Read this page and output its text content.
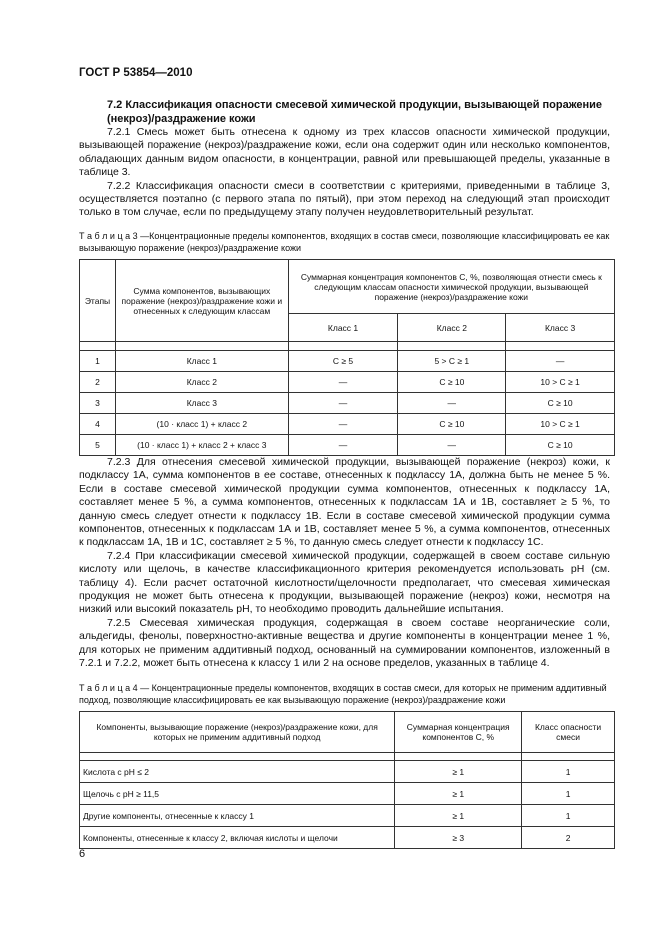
ГОСТ Р 53854—2010
7.2 Классификация опасности смесевой химической продукции, вызывающей поражение (некроз)/раздражение кожи
7.2.1 Смесь может быть отнесена к одному из трех классов опасности химической продукции, вызывающей поражение (некроз)/раздражение кожи, если она содержит один или несколько компонентов, обладающих данным видом опасности, в концентрации, равной или превышающей пределы, указанные в таблице 3.
7.2.2 Классификация опасности смеси в соответствии с критериями, приведенными в таблице 3, осуществляется поэтапно (с первого этапа по пятый), при этом переход на следующий этап происходит только в том случае, если по предыдущему этапу получен неудовлетворительный результат.
Т а б л и ц а 3 —Концентрационные пределы компонентов, входящих в состав смеси, позволяющие классифицировать ее как вызывающую поражение (некроз)/раздражение кожи
Этапы	Сумма компонентов, вызывающих поражение (некроз)/раздражение кожи и отнесенных к следующим классам	Суммарная концентрация компонентов C, %, позволяющая отнести смесь к следующим классам опасности химической продукции, вызывающей поражение (некроз)/раздражение кожи		
		Класс 1	Класс 2	Класс 3

1	Класс 1	C ≥ 5	5 > C ≥ 1	—
2	Класс 2	—	C ≥ 10	10 > C ≥ 1
3	Класс 3	—	—	C ≥ 10
4	(10 · класс 1) + класс 2	—	C ≥ 10	10 > C ≥ 1
5	(10 · класс 1) + класс 2 + класс 3	—	—	C ≥ 10
7.2.3 Для отнесения смесевой химической продукции, вызывающей поражение (некроз) кожи, к подклассу 1А, сумма компонентов в ее составе, отнесенных к подклассу 1А, должна быть не менее 5 %. Если в составе смесевой химической продукции сумма компонентов, отнесенных к подклассу 1А, составляет менее 5 %, а сумма компонентов, отнесенных к подклассам 1А и 1В, составляет ≥ 5 %, то данную смесь следует отнести к подклассу 1В. Если в составе смесевой химической продукции сумма компонентов, отнесенных к подклассам 1А и 1В, составляет менее 5 %, а сумма компонентов, отнесенных к подклассам 1А, 1В и 1С, составляет ≥ 5 %, то данную смесь следует отнести к подклассу 1С.
7.2.4 При классификации смесевой химической продукции, содержащей в своем составе сильную кислоту или щелочь, в качестве классификационного критерия рекомендуется использовать pH (см. таблицу 4). Если расчет остаточной кислотности/щелочности предполагает, что смесевая химическая продукция не может быть отнесена к продукции, вызывающей поражение (некроз) кожи, несмотря на низкий или высокий показатель pH, то необходимо проводить дальнейшие испытания.
7.2.5 Смесевая химическая продукция, содержащая в своем составе неорганические соли, альдегиды, фенолы, поверхностно-активные вещества и другие компоненты в концентрации менее 1 %, для которых не применим аддитивный подход, основанный на суммировании компонентов, изложенный в 7.2.1 и 7.2.2, может быть отнесена к классу 1 или 2 на основе пределов, указанных в таблице 4.
Т а б л и ц а 4 — Концентрационные пределы компонентов, входящих в состав смеси, для которых не применим аддитивный подход, позволяющие классифицировать ее как вызывающую поражение (некроз)/раздражение кожи
Компоненты, вызывающие поражение (некроз)/раздражение кожи, для которых не применим аддитивный подход	Суммарная концентрация компонентов C, %	Класс опасности смеси

Кислота с pH ≤ 2	≥ 1	1
Щелочь с pH ≥ 11,5	≥ 1	1
Другие компоненты, отнесенные к классу 1	≥ 1	1
Компоненты, отнесенные к классу 2, включая кислоты и щелочи	≥ 3	2
6
